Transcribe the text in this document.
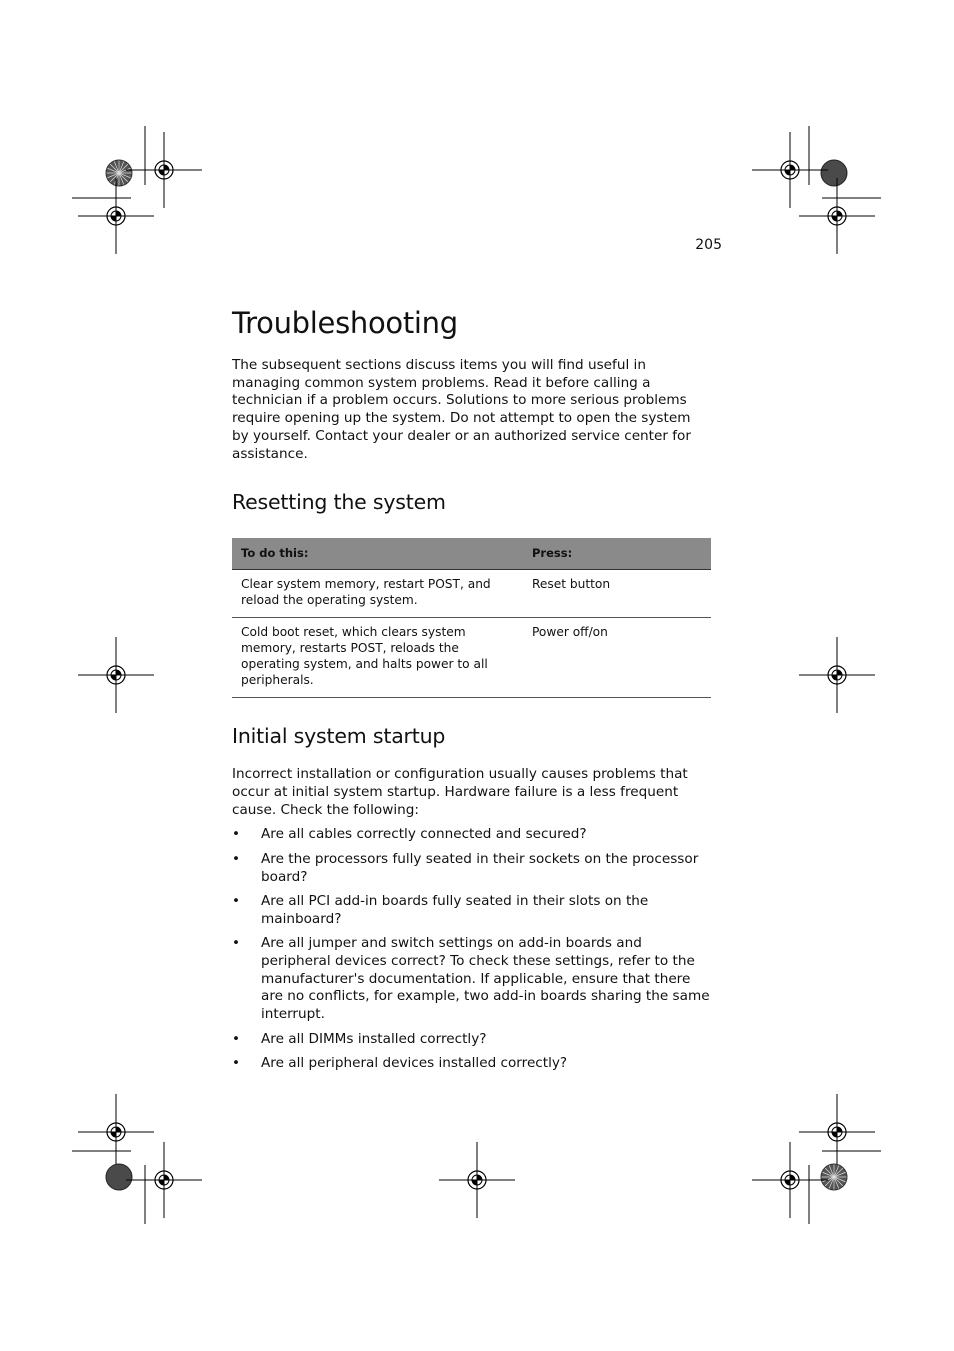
205
Troubleshooting

The subsequent sections discuss items you will find useful in managing common system problems. Read it before calling a technician if a problem occurs. Solutions to more serious problems require opening up the system. Do not attempt to open the system by yourself. Contact your dealer or an authorized service center for assistance.

Resetting the system
To do this:	Press:
Clear system memory, restart POST, and reload the operating system.	Reset button
Cold boot reset, which clears system memory, restarts POST, reloads the operating system, and halts power to all peripherals.	Power off/on
Initial system startup

Incorrect installation or configuration usually causes problems that occur at initial system startup. Hardware failure is a less frequent cause. Check the following:

• Are all cables correctly connected and secured?
• Are the processors fully seated in their sockets on the processor board?
• Are all PCI add-in boards fully seated in their slots on the mainboard?
• Are all jumper and switch settings on add-in boards and peripheral devices correct? To check these settings, refer to the manufacturer's documentation. If applicable, ensure that there are no conflicts, for example, two add-in boards sharing the same interrupt.
• Are all DIMMs installed correctly?
• Are all peripheral devices installed correctly?
